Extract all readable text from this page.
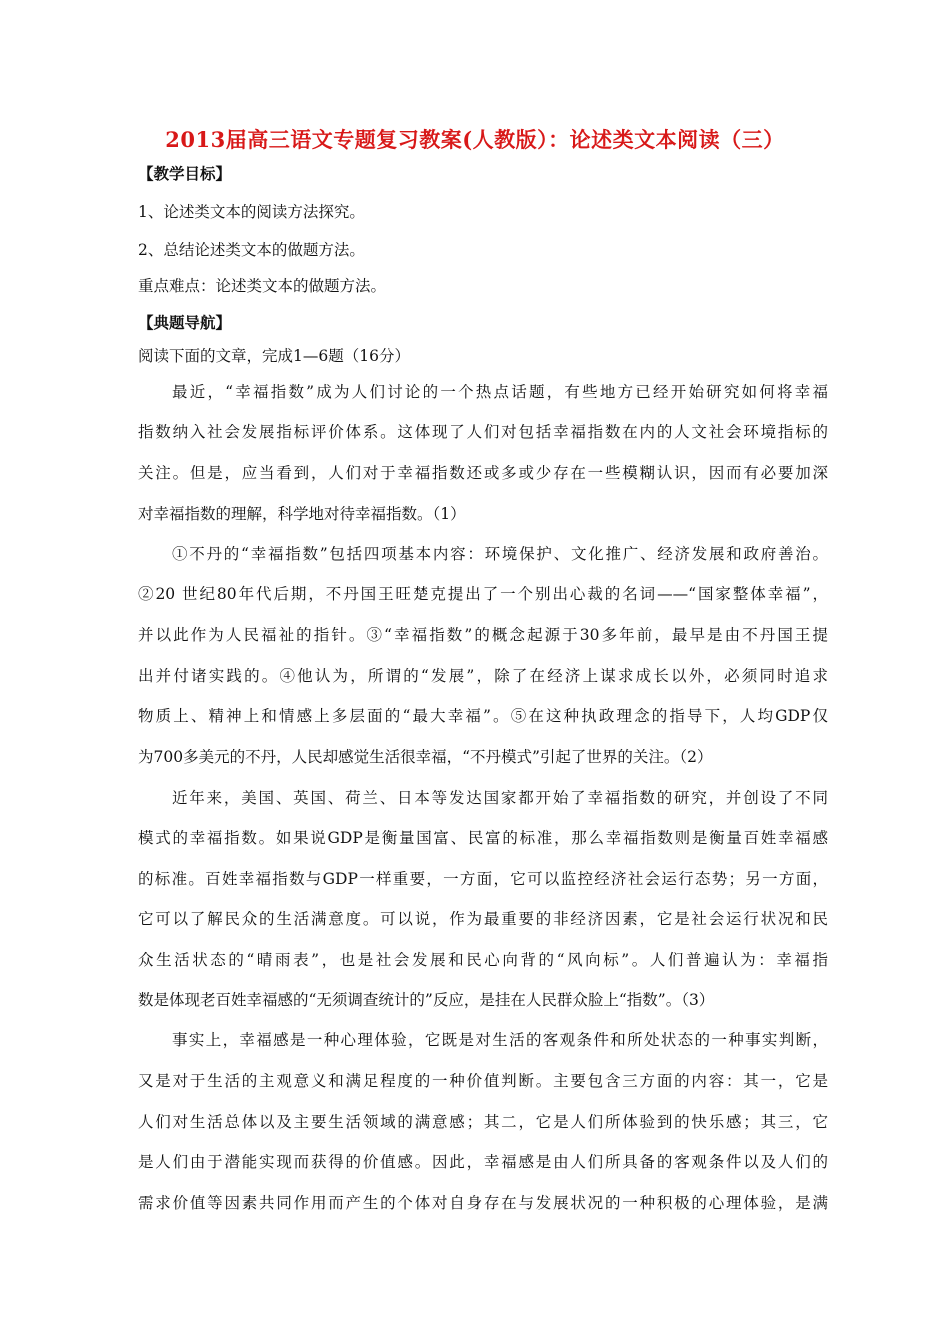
2013届高三语文专题复习教案(人教版）：论述类文本阅读（三）
【教学目标】
1、论述类文本的阅读方法探究。
2、总结论述类文本的做题方法。
重点难点：论述类文本的做题方法。
【典题导航】
阅读下面的文章，完成1—6题（16分）
最近，“幸福指数”成为人们讨论的一个热点话题，有些地方已经开始研究如何将幸福
指数纳入社会发展指标评价体系。这体现了人们对包括幸福指数在内的人文社会环境指标的
关注。但是，应当看到，人们对于幸福指数还或多或少存在一些模糊认识，因而有必要加深
对幸福指数的理解，科学地对待幸福指数。（1）
①不丹的“幸福指数”包括四项基本内容：环境保护、文化推广、经济发展和政府善治。
②20 世纪80年代后期，不丹国王旺楚克提出了一个别出心裁的名词——“国家整体幸福”，
并以此作为人民福祉的指针。③“幸福指数”的概念起源于30多年前，最早是由不丹国王提
出并付诸实践的。④他认为，所谓的“发展”，除了在经济上谋求成长以外，必须同时追求
物质上、精神上和情感上多层面的“最大幸福”。⑤在这种执政理念的指导下，人均GDP仅
为700多美元的不丹，人民却感觉生活很幸福，“不丹模式”引起了世界的关注。（2）
近年来，美国、英国、荷兰、日本等发达国家都开始了幸福指数的研究，并创设了不同
模式的幸福指数。如果说GDP是衡量国富、民富的标准，那么幸福指数则是衡量百姓幸福感
的标准。百姓幸福指数与GDP一样重要，一方面，它可以监控经济社会运行态势；另一方面，
它可以了解民众的生活满意度。可以说，作为最重要的非经济因素，它是社会运行状况和民
众生活状态的“晴雨表”，也是社会发展和民心向背的“风向标”。人们普遍认为：幸福指
数是体现老百姓幸福感的“无须调查统计的”反应，是挂在人民群众脸上“指数”。（3）
事实上，幸福感是一种心理体验，它既是对生活的客观条件和所处状态的一种事实判断，
又是对于生活的主观意义和满足程度的一种价值判断。主要包含三方面的内容：其一，它是
人们对生活总体以及主要生活领域的满意感；其二，它是人们所体验到的快乐感；其三，它
是人们由于潜能实现而获得的价值感。因此，幸福感是由人们所具备的客观条件以及人们的
需求价值等因素共同作用而产生的个体对自身存在与发展状况的一种积极的心理体验，是满
